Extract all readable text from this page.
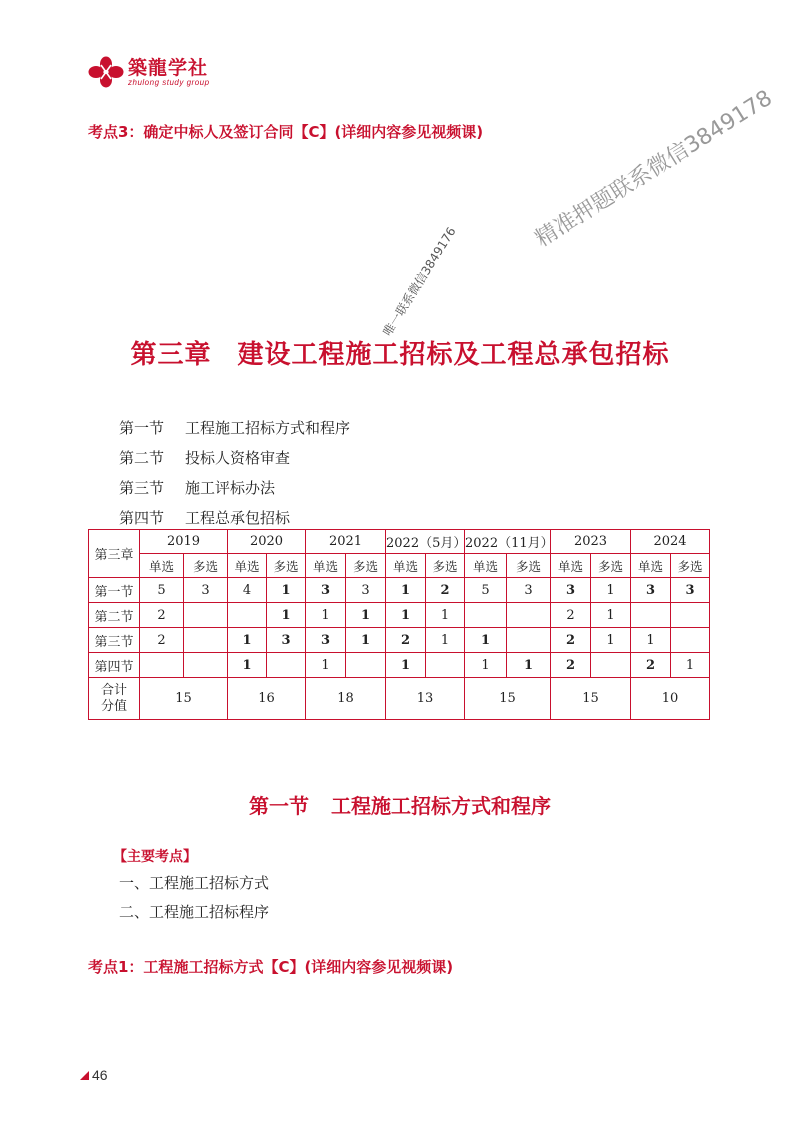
築龍学社
zhulong study group
考点3：确定中标人及签订合同【C】(详细内容参见视频课) 精准押题联系微信3849178
唯一联系微信3849176
第三章 建设工程施工招标及工程总承包招标
第一节 工程施工招标方式和程序
第二节 投标人资格审查
第三节 施工评标办法
第四节 工程总承包招标
第三章	2019		2020		2021		2022（5月）		2022（11月）		2023		2024	
	单选	多选	单选	多选	单选	多选	单选	多选	单选	多选	单选	多选	单选	多选
第一节	5	3	4	1	3	3	1	2	5	3	3	1	3	3
第二节	2			1	1	1	1	1			2	1		
第三节	2		1	3	3	1	2	1	1		2	1	1	
第四节			1		1		1		1	1	2		2	1
合计
分值	15		16		18		13		15		15		10	
第一节 工程施工招标方式和程序
【主要考点】
一、工程施工招标方式
二、工程施工招标程序
考点1：工程施工招标方式【C】(详细内容参见视频课)
46
